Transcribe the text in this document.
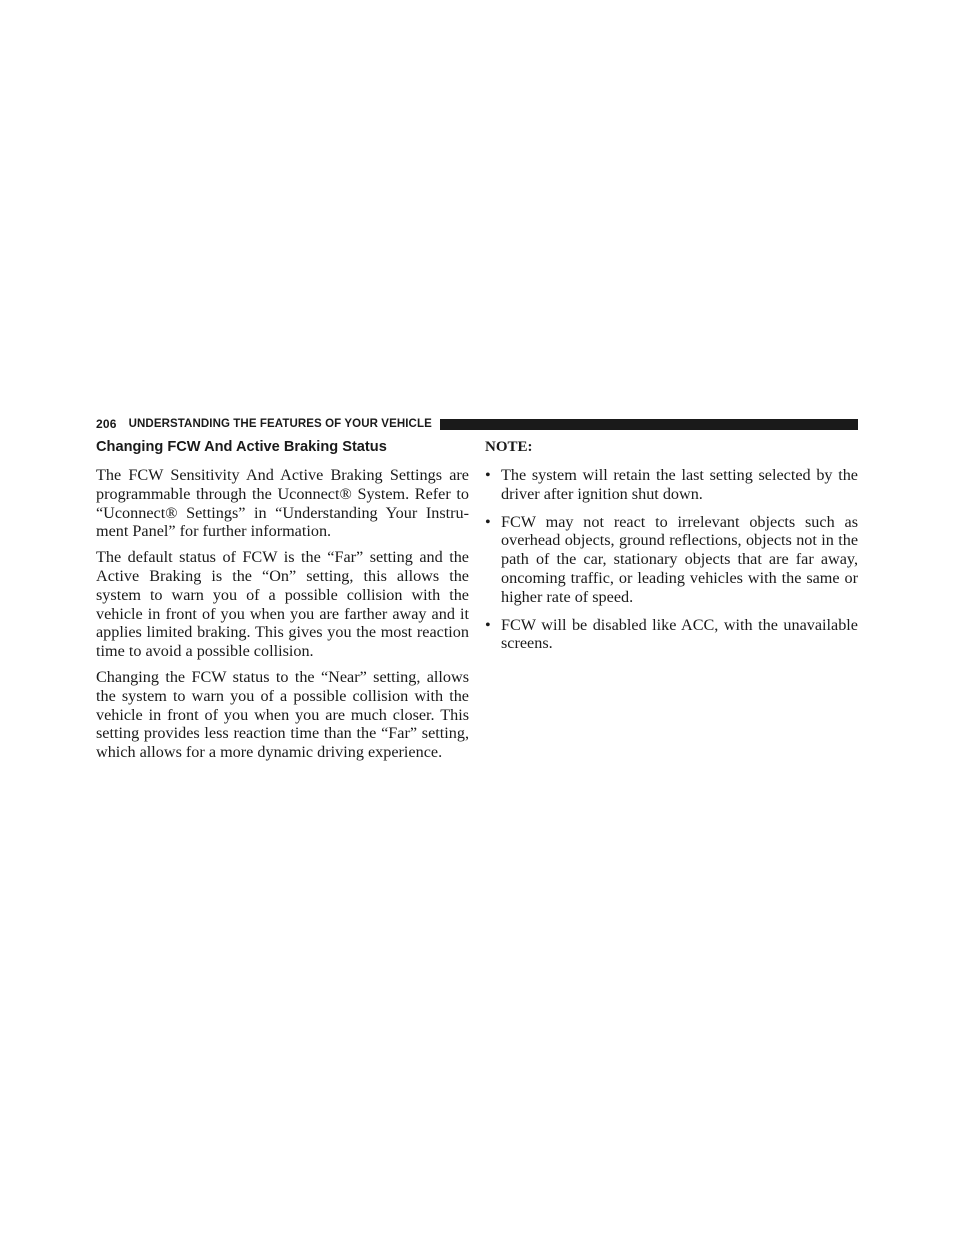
206 UNDERSTANDING THE FEATURES OF YOUR VEHICLE
Changing FCW And Active Braking Status

The FCW Sensitivity And Active Braking Settings are programmable through the Uconnect® System. Refer to “Uconnect® Settings” in “Understanding Your Instru-ment Panel” for further information.

The default status of FCW is the “Far” setting and the Active Braking is the “On” setting, this allows the system to warn you of a possible collision with the vehicle in front of you when you are farther away and it applies limited braking. This gives you the most reaction time to avoid a possible collision.

Changing the FCW status to the “Near” setting, allows the system to warn you of a possible collision with the vehicle in front of you when you are much closer. This setting provides less reaction time than the “Far” setting, which allows for a more dynamic driving experience.

NOTE:
• The system will retain the last setting selected by the driver after ignition shut down.
• FCW may not react to irrelevant objects such as overhead objects, ground reflections, objects not in the path of the car, stationary objects that are far away, oncoming traffic, or leading vehicles with the same or higher rate of speed.
• FCW will be disabled like ACC, with the unavailable screens.
